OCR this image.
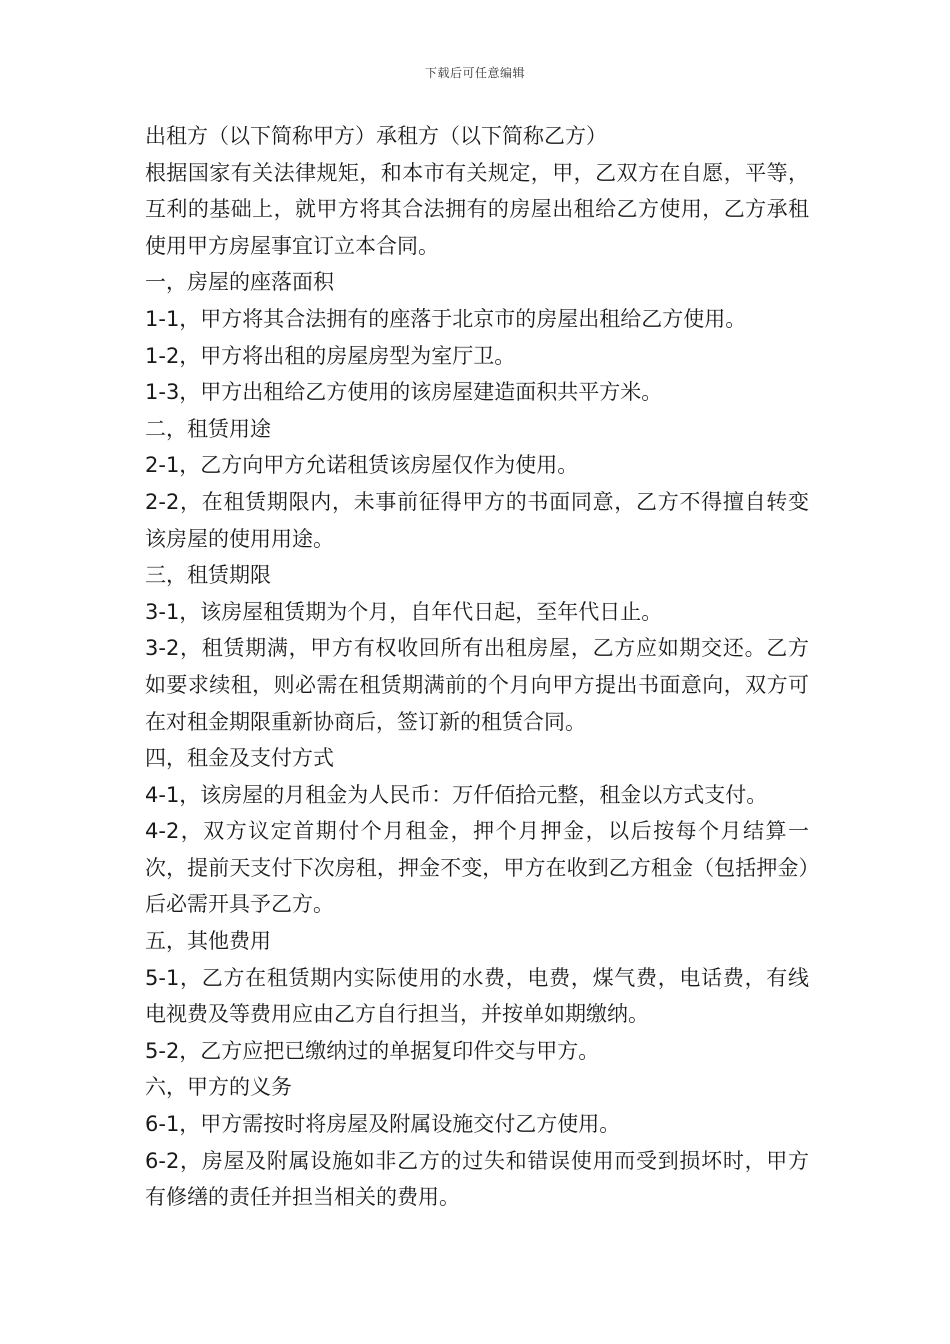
下载后可任意编辑

出租方（以下简称甲方）承租方（以下简称乙方）

根据国家有关法律规矩，和本市有关规定，甲，乙双方在自愿，平等，互利的基础上，就甲方将其合法拥有的房屋出租给乙方使用，乙方承租使用甲方房屋事宜订立本合同。

一，房屋的座落面积

1-1，甲方将其合法拥有的座落于北京市的房屋出租给乙方使用。

1-2，甲方将出租的房屋房型为室厅卫。

1-3，甲方出租给乙方使用的该房屋建造面积共平方米。

二，租赁用途

2-1，乙方向甲方允诺租赁该房屋仅作为使用。

2-2，在租赁期限内，未事前征得甲方的书面同意，乙方不得擅自转变该房屋的使用用途。

三，租赁期限

3-1，该房屋租赁期为个月，自年代日起，至年代日止。

3-2，租赁期满，甲方有权收回所有出租房屋，乙方应如期交还。乙方如要求续租，则必需在租赁期满前的个月向甲方提出书面意向，双方可在对租金期限重新协商后，签订新的租赁合同。

四，租金及支付方式

4-1，该房屋的月租金为人民币：万仟佰拾元整，租金以方式支付。

4-2，双方议定首期付个月租金，押个月押金，以后按每个月结算一次，提前天支付下次房租，押金不变，甲方在收到乙方租金（包括押金）后必需开具予乙方。

五，其他费用

5-1，乙方在租赁期内实际使用的水费，电费，煤气费，电话费，有线电视费及等费用应由乙方自行担当，并按单如期缴纳。

5-2，乙方应把已缴纳过的单据复印件交与甲方。

六，甲方的义务

6-1，甲方需按时将房屋及附属设施交付乙方使用。

6-2，房屋及附属设施如非乙方的过失和错误使用而受到损坏时，甲方有修缮的责任并担当相关的费用。
